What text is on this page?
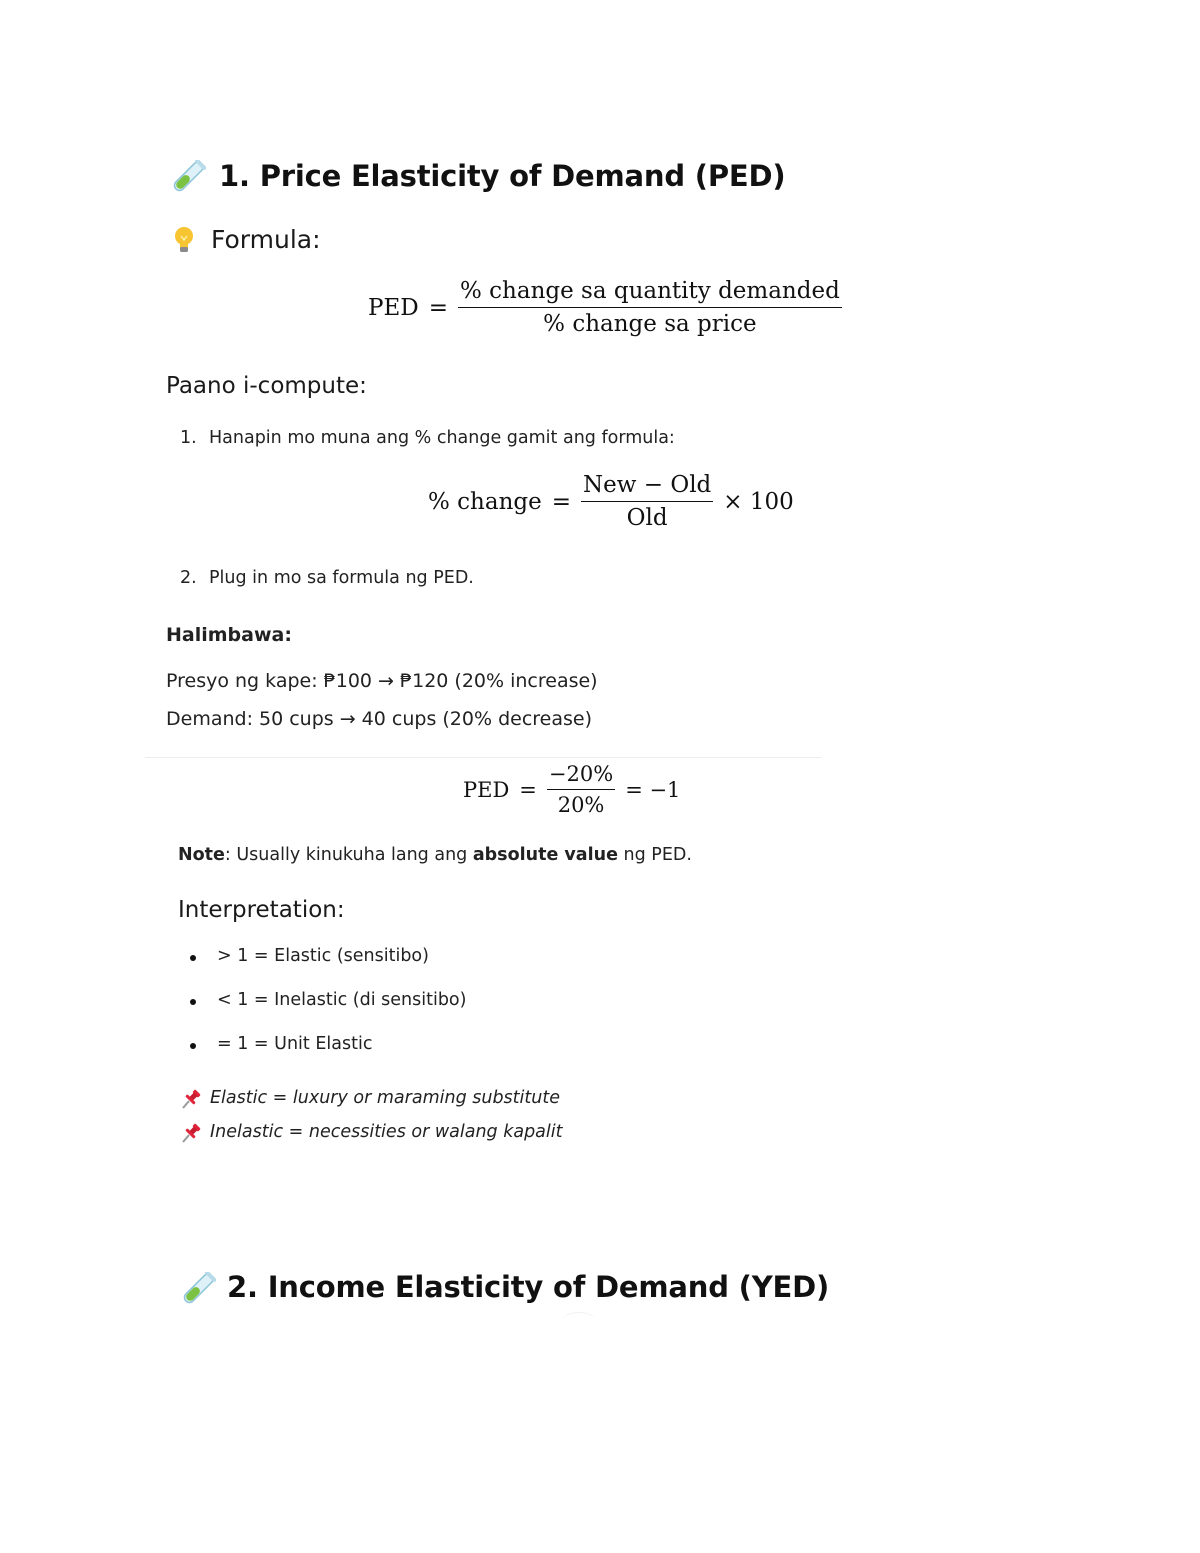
1. Price Elasticity of Demand (PED)
Formula:
PED = $\frac{\text{\% change sa quantity demanded}}{\text{\% change sa price}}$
Paano i-compute:
1. Hanapin mo muna ang % change gamit ang formula:
% change = $\frac{\text{New − Old}}{\text{Old}} \times 100$
2. Plug in mo sa formula ng PED.
Halimbawa:
Presyo ng kape: ₱100 → ₱120 (20% increase)
Demand: 50 cups → 40 cups (20% decrease)
PED = $\frac{-20\%}{20\%} = -1$
Note: Usually kinukuha lang ang absolute value ng PED.
Interpretation:
> 1 = Elastic (sensitibo)
< 1 = Inelastic (di sensitibo)
= 1 = Unit Elastic
Elastic = luxury or maraming substitute
Inelastic = necessities or walang kapalit
2. Income Elasticity of Demand (YED)
